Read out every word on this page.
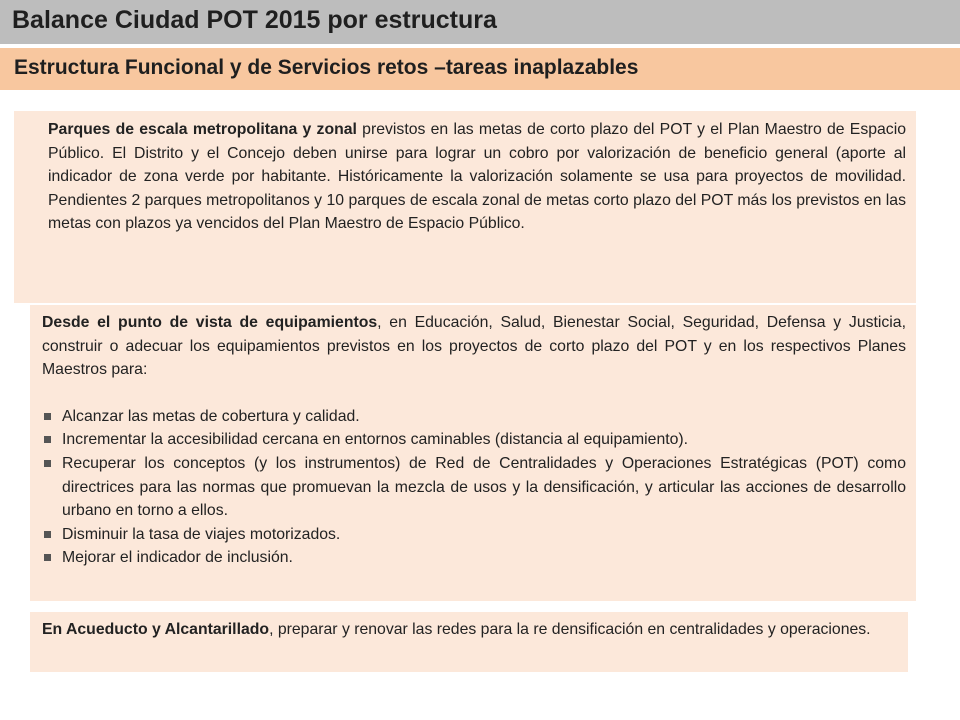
Balance Ciudad POT 2015 por estructura
Estructura Funcional y de Servicios retos –tareas inaplazables
Parques de escala metropolitana y zonal previstos en las metas de corto plazo del POT y el Plan Maestro de Espacio Público. El Distrito y el Concejo deben unirse para lograr un cobro por valorización de beneficio general (aporte al indicador de zona verde por habitante. Históricamente la valorización solamente se usa para proyectos de movilidad. Pendientes 2 parques metropolitanos y 10 parques de escala zonal de metas corto plazo del POT más los previstos en las metas con plazos ya vencidos del Plan Maestro de Espacio Público.
Desde el punto de vista de equipamientos, en Educación, Salud, Bienestar Social, Seguridad, Defensa y Justicia, construir o adecuar los equipamientos previstos en los proyectos de corto plazo del POT y en los respectivos Planes Maestros para:
Alcanzar las metas de cobertura y calidad.
Incrementar la accesibilidad cercana en entornos caminables (distancia al equipamiento).
Recuperar los conceptos (y los instrumentos) de Red de Centralidades y Operaciones Estratégicas (POT) como directrices para las normas que promuevan la mezcla de usos y la densificación, y articular las acciones de desarrollo urbano en torno a ellos.
Disminuir la tasa de viajes motorizados.
Mejorar el indicador de inclusión.
En Acueducto y Alcantarillado, preparar y renovar las redes para la re densificación en centralidades y operaciones.
